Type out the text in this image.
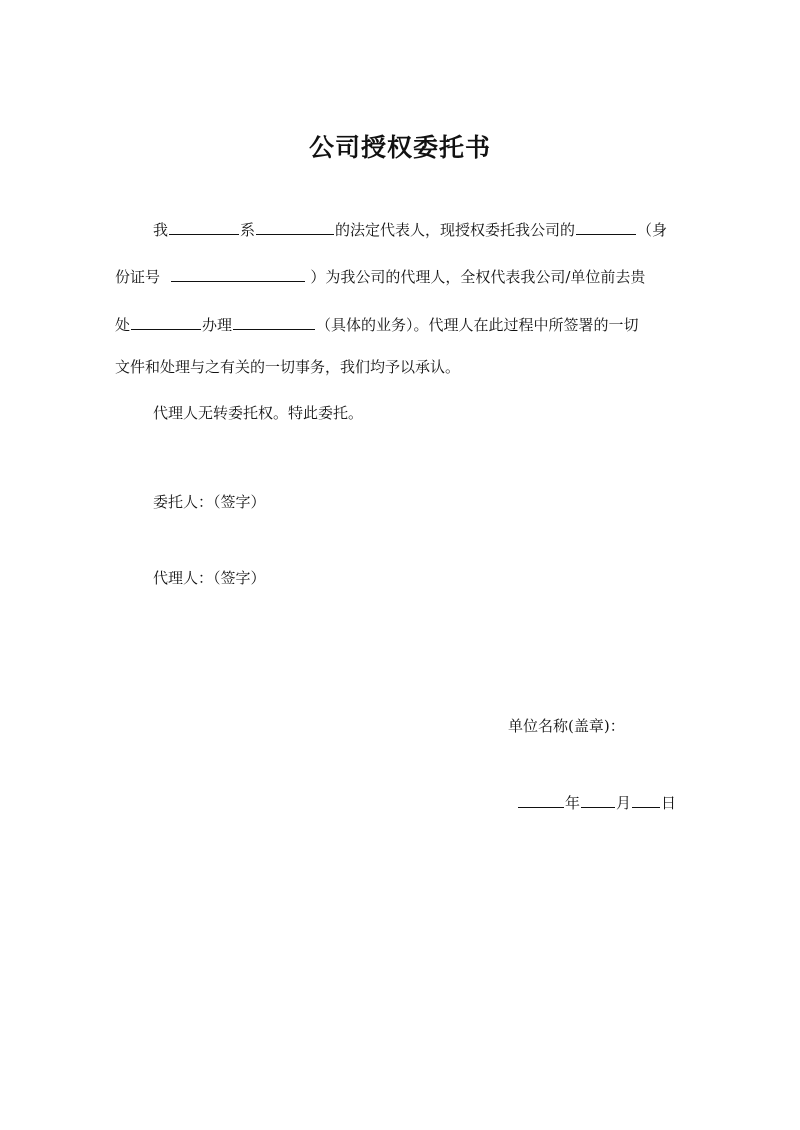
公司授权委托书
我	系	的法定代表人，现授权委托我公司的	（身
份证号	）为我公司的代理人，全权代表我公司/单位前去贵
处	办理	（具体的业务）。代理人在此过程中所签署的一切
文件和处理与之有关的一切事务，我们均予以承认。
代理人无转委托权。特此委托。
委托人：（签字）
代理人：（签字）
单位名称(盖章)：
年 月 日
